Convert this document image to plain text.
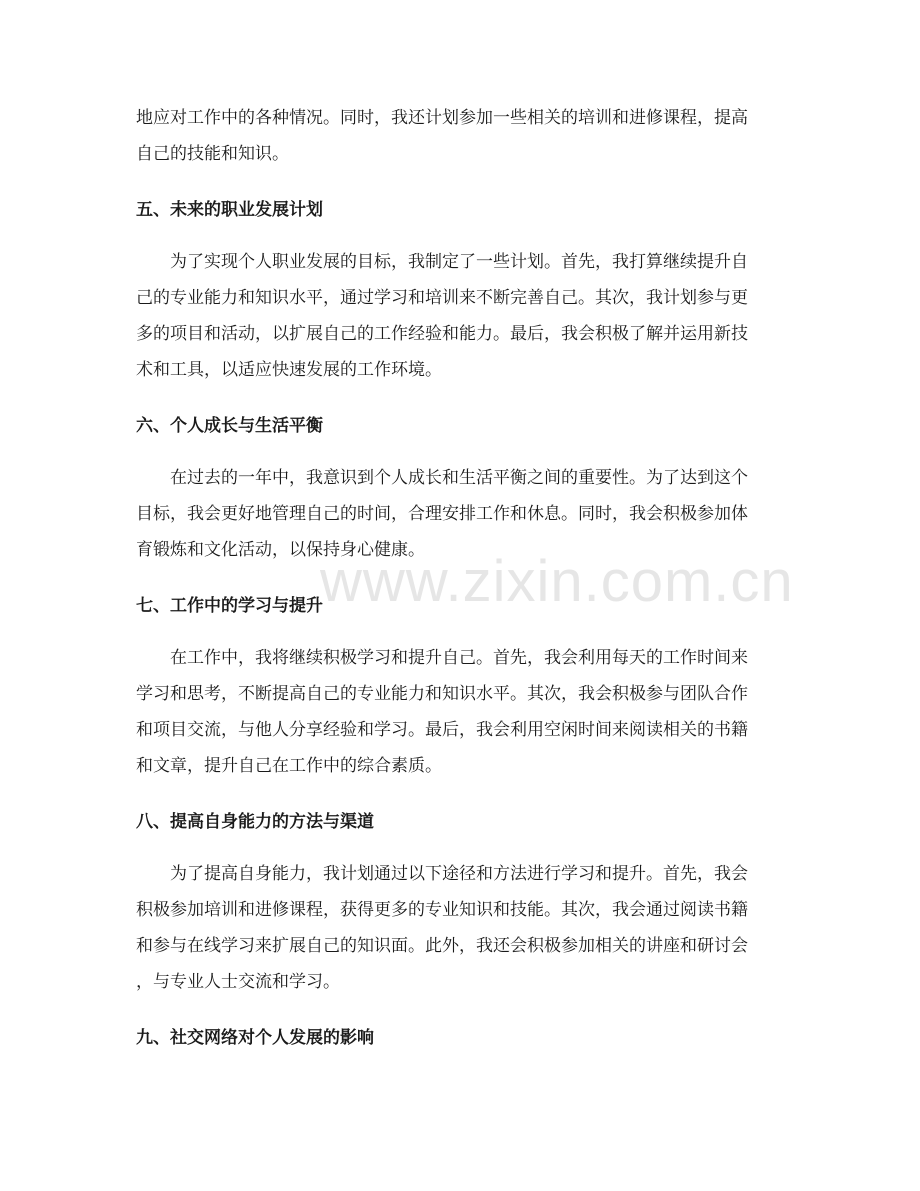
地应对工作中的各种情况。同时，我还计划参加一些相关的培训和进修课程，提高
自己的技能和知识。

五、未来的职业发展计划

为了实现个人职业发展的目标，我制定了一些计划。首先，我打算继续提升自
己的专业能力和知识水平，通过学习和培训来不断完善自己。其次，我计划参与更
多的项目和活动，以扩展自己的工作经验和能力。最后，我会积极了解并运用新技
术和工具，以适应快速发展的工作环境。

六、个人成长与生活平衡

在过去的一年中，我意识到个人成长和生活平衡之间的重要性。为了达到这个
目标，我会更好地管理自己的时间，合理安排工作和休息。同时，我会积极参加体
育锻炼和文化活动，以保持身心健康。

七、工作中的学习与提升

在工作中，我将继续积极学习和提升自己。首先，我会利用每天的工作时间来
学习和思考，不断提高自己的专业能力和知识水平。其次，我会积极参与团队合作
和项目交流，与他人分享经验和学习。最后，我会利用空闲时间来阅读相关的书籍
和文章，提升自己在工作中的综合素质。

八、提高自身能力的方法与渠道

为了提高自身能力，我计划通过以下途径和方法进行学习和提升。首先，我会
积极参加培训和进修课程，获得更多的专业知识和技能。其次，我会通过阅读书籍
和参与在线学习来扩展自己的知识面。此外，我还会积极参加相关的讲座和研讨会
，与专业人士交流和学习。

九、社交网络对个人发展的影响
www.zixin.com.cn
